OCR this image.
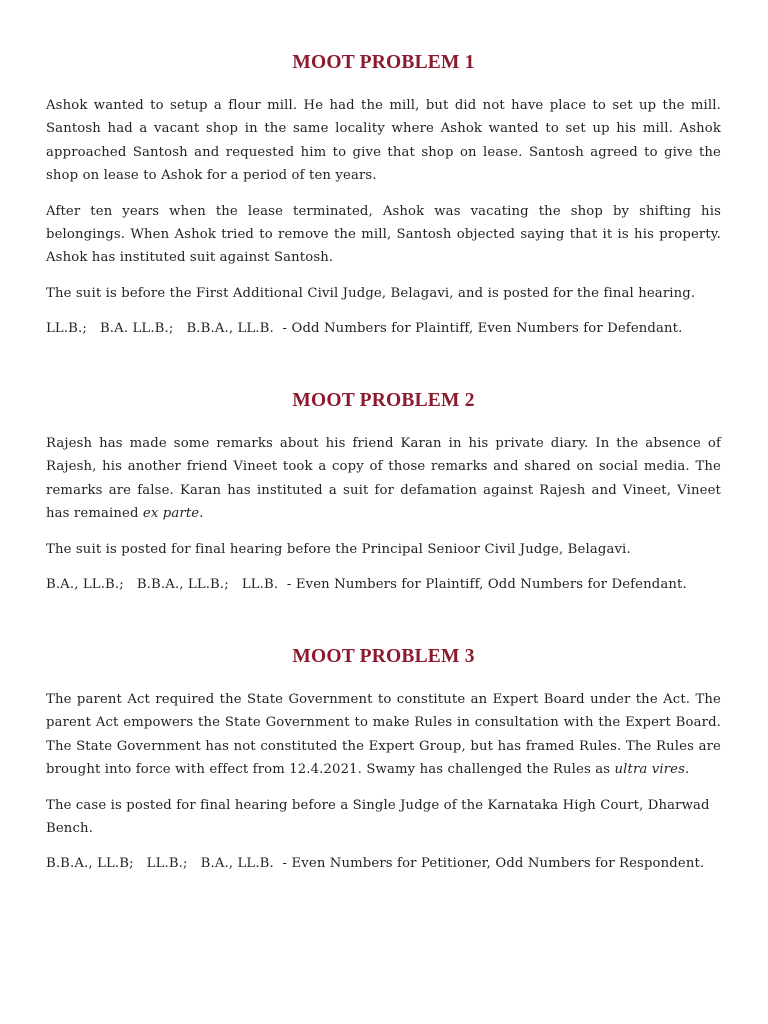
MOOT PROBLEM 1

Ashok wanted to setup a flour mill. He had the mill, but did not have place to set up the mill. Santosh had a vacant shop in the same locality where Ashok wanted to set up his mill. Ashok approached Santosh and requested him to give that shop on lease. Santosh agreed to give the shop on lease to Ashok for a period of ten years.

After ten years when the lease terminated, Ashok was vacating the shop by shifting his belongings. When Ashok tried to remove the mill, Santosh objected saying that it is his property. Ashok has instituted suit against Santosh.

The suit is before the First Additional Civil Judge, Belagavi, and is posted for the final hearing.

LL.B.;   B.A. LL.B.;   B.B.A., LL.B.  - Odd Numbers for Plaintiff, Even Numbers for Defendant.

MOOT PROBLEM 2

Rajesh has made some remarks about his friend Karan in his private diary. In the absence of Rajesh, his another friend Vineet took a copy of those remarks and shared on social media. The remarks are false. Karan has instituted a suit for defamation against Rajesh and Vineet, Vineet has remained ex parte.

The suit is posted for final hearing before the Principal Senioor Civil Judge, Belagavi.

B.A., LL.B.;   B.B.A., LL.B.;   LL.B.  - Even Numbers for Plaintiff, Odd Numbers for Defendant.

MOOT PROBLEM 3

The parent Act required the State Government to constitute an Expert Board under the Act. The parent Act empowers the State Government to make Rules in consultation with the Expert Board. The State Government has not constituted the Expert Group, but has framed Rules. The Rules are brought into force with effect from 12.4.2021. Swamy has challenged the Rules as ultra vires.

The case is posted for final hearing before a Single Judge of the Karnataka High Court, Dharwad Bench.

B.B.A., LL.B;   LL.B.;   B.A., LL.B.  - Even Numbers for Petitioner, Odd Numbers for Respondent.
